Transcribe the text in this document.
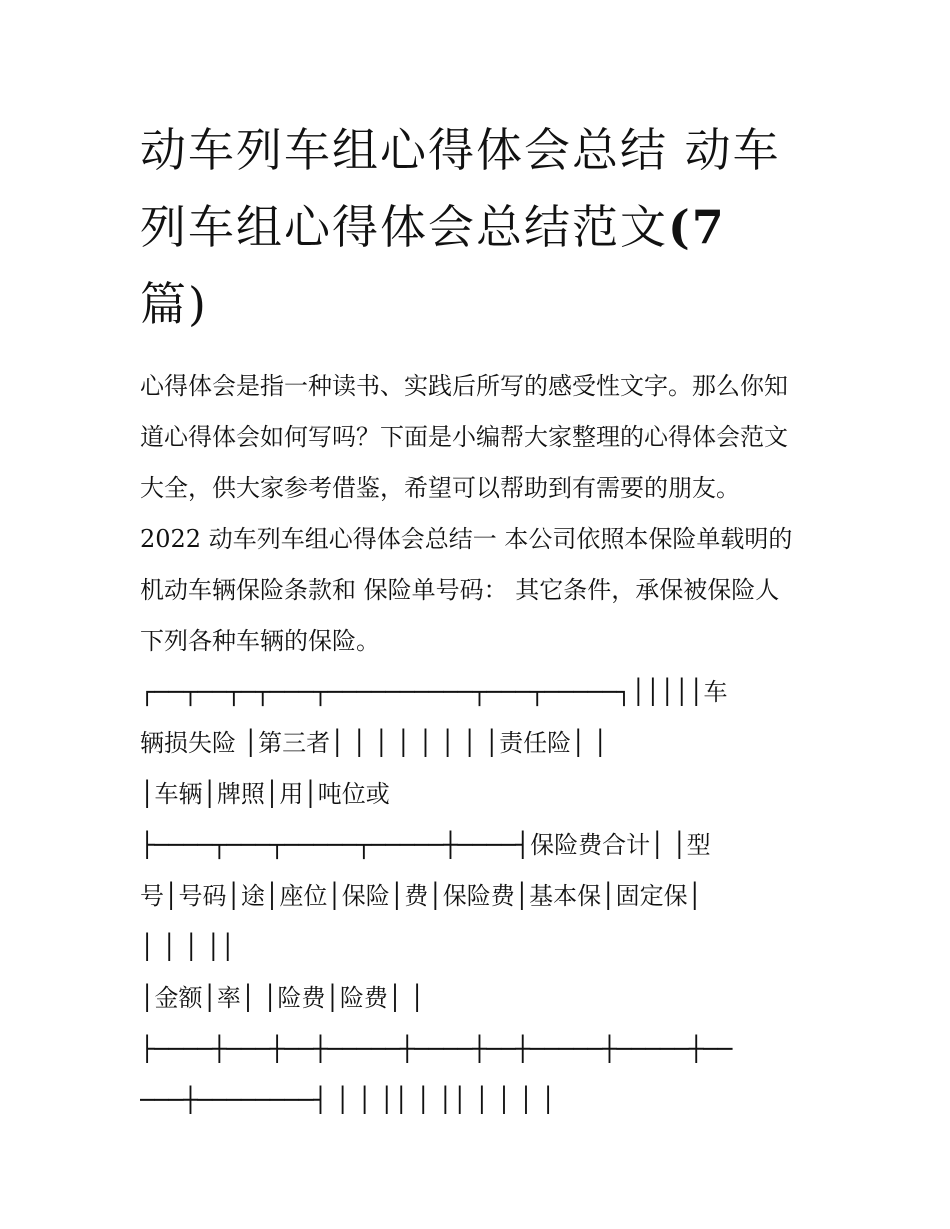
动车列车组心得体会总结 动车
列车组心得体会总结范文(7
篇)
心得体会是指一种读书、实践后所写的感受性文字。那么你知
道心得体会如何写吗？下面是小编帮大家整理的心得体会范文
大全，供大家参考借鉴，希望可以帮助到有需要的朋友。
2022 动车列车组心得体会总结一 本公司依照本保险单载明的
机动车辆保险条款和 保险单号码： 其它条件，承保被保险人
下列各种车辆的保险。
┌──┬──┬─┬───┬──────────┬───┬─────┐│││││车
辆损失险 │第三者│ │ │ │ │ │ │ │责任险│ │
│车辆│牌照│用│吨位或
├────┬───┬─────┬─────┼────┤保险费合计│ │型
号│号码│途│座位│保险│费│保险费│基本保│固定保│
│ │ │ ││
│金额│率│ │险费│险费│ │
├────┼───┼──┼─────┼────┼──┼─────┼─────┼──
───┼────────┤ │ │ ││ │ ││ │ │ │ │
